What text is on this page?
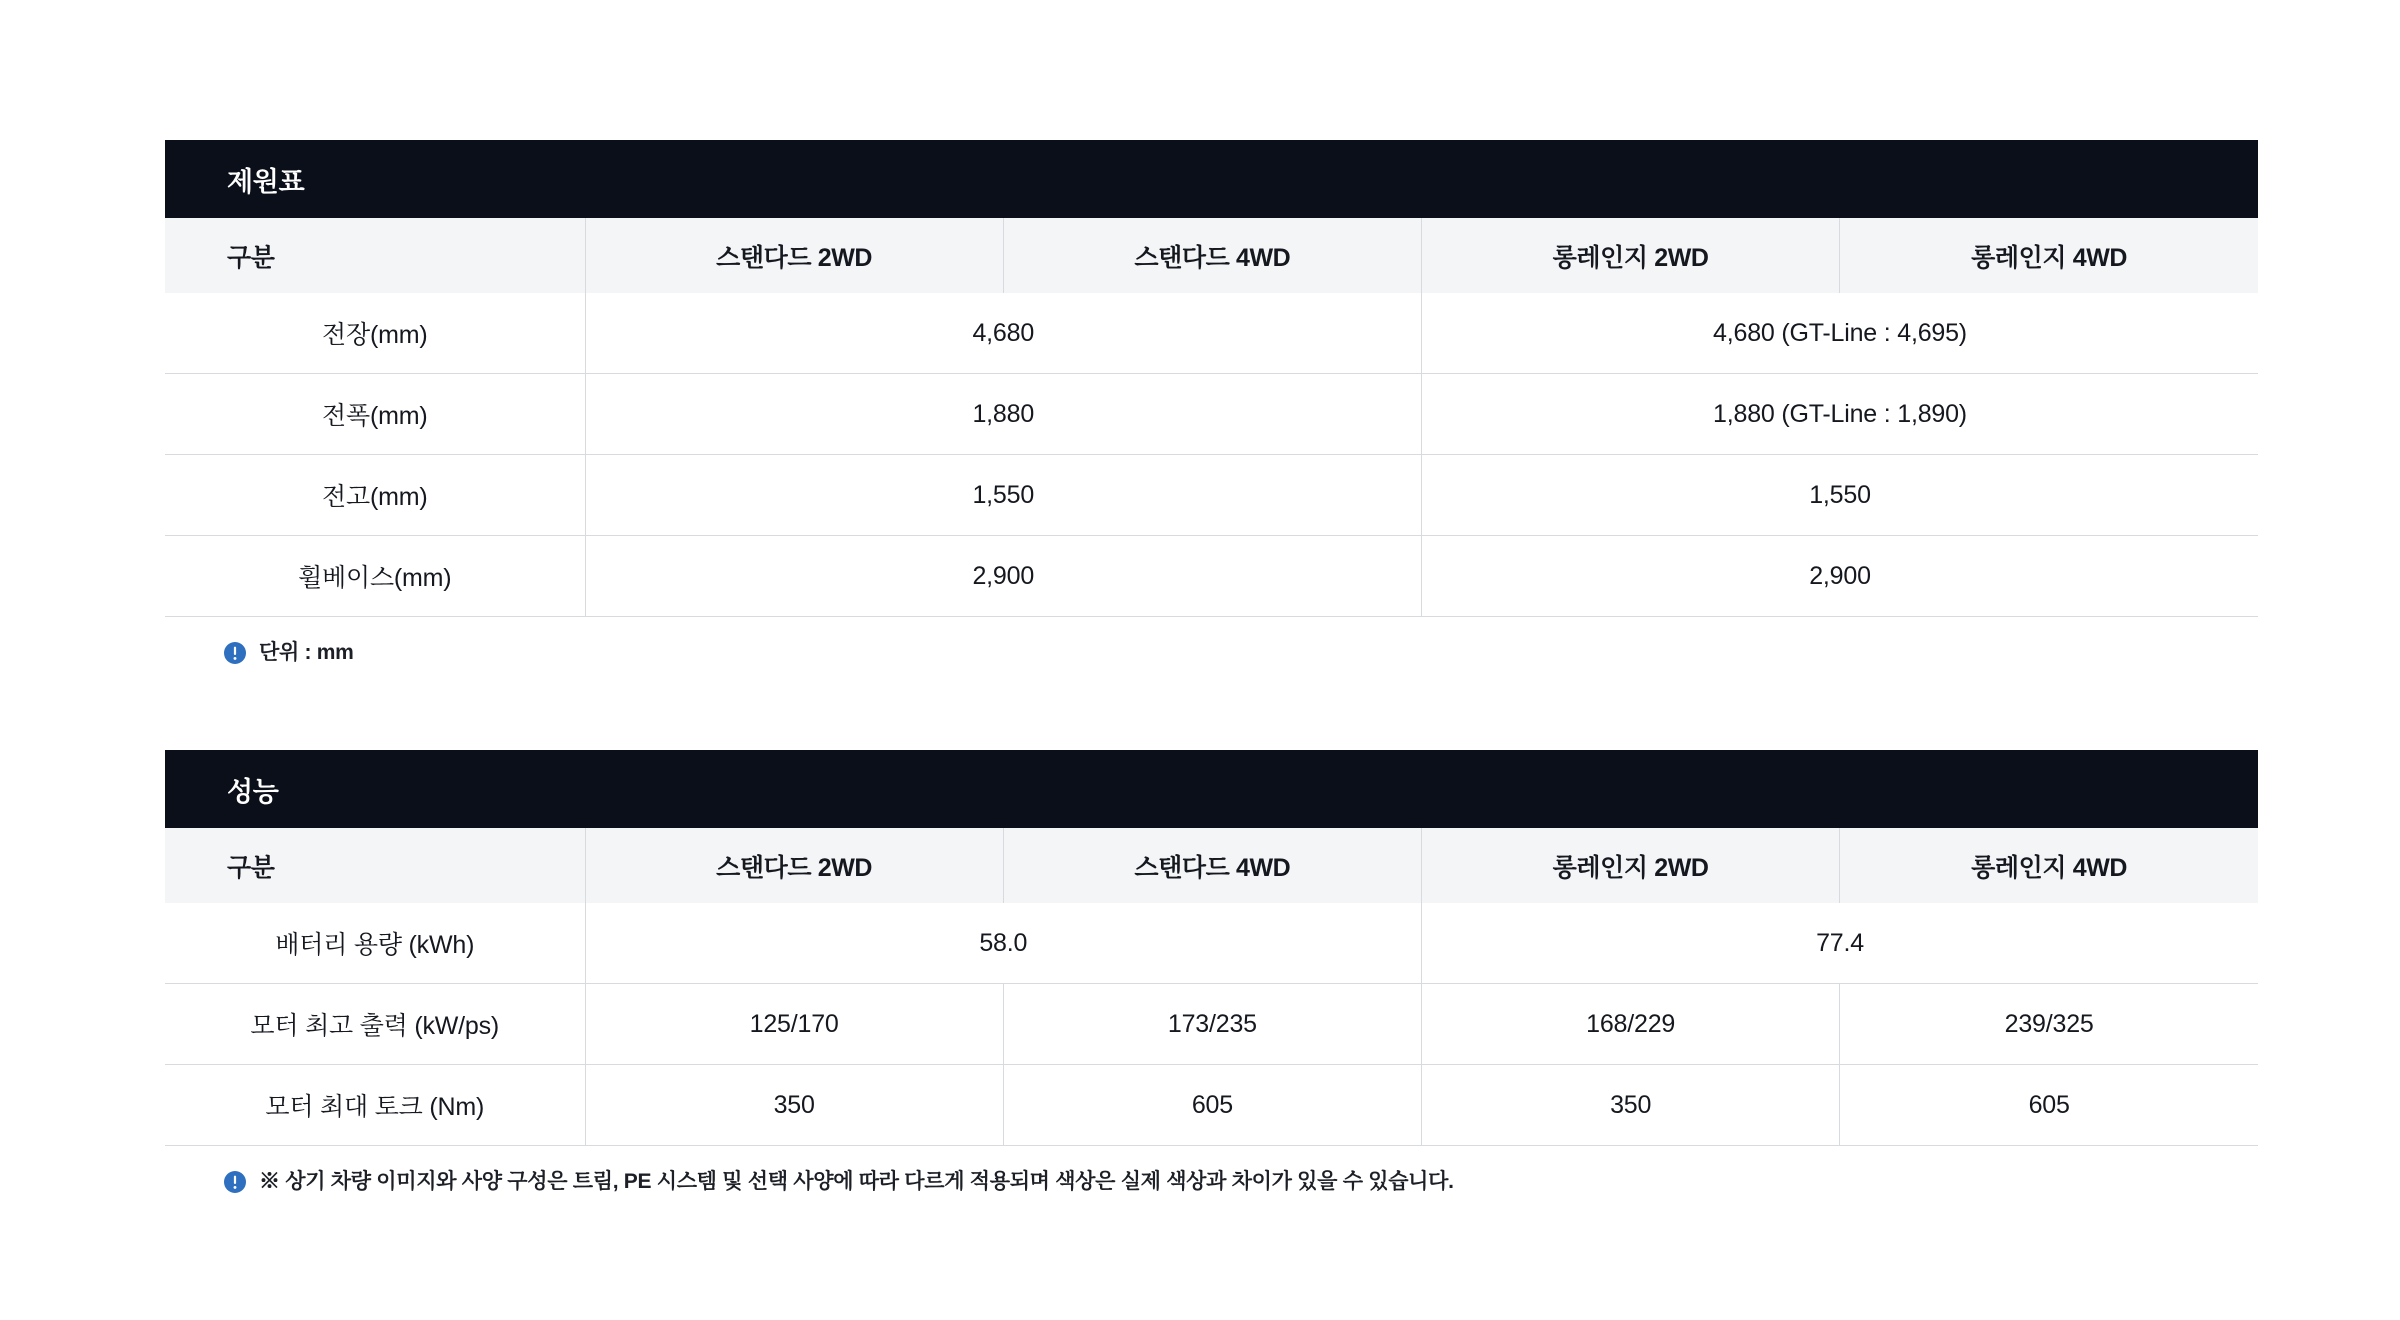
제원표
구분	스탠다드 2WD	스탠다드 4WD	롱레인지 2WD	롱레인지 4WD
전장(mm)	4,680		4,680 (GT-Line : 4,695)	
전폭(mm)	1,880		1,880 (GT-Line : 1,890)	
전고(mm)	1,550		1,550	
휠베이스(mm)	2,900		2,900	
단위 : mm
성능
구분	스탠다드 2WD	스탠다드 4WD	롱레인지 2WD	롱레인지 4WD
배터리 용량 (kWh)	58.0		77.4	
모터 최고 출력 (kW/ps)	125/170	173/235	168/229	239/325
모터 최대 토크 (Nm)	350	605	350	605
※ 상기 차량 이미지와 사양 구성은 트림, PE 시스템 및 선택 사양에 따라 다르게 적용되며 색상은 실제 색상과 차이가 있을 수 있습니다.
